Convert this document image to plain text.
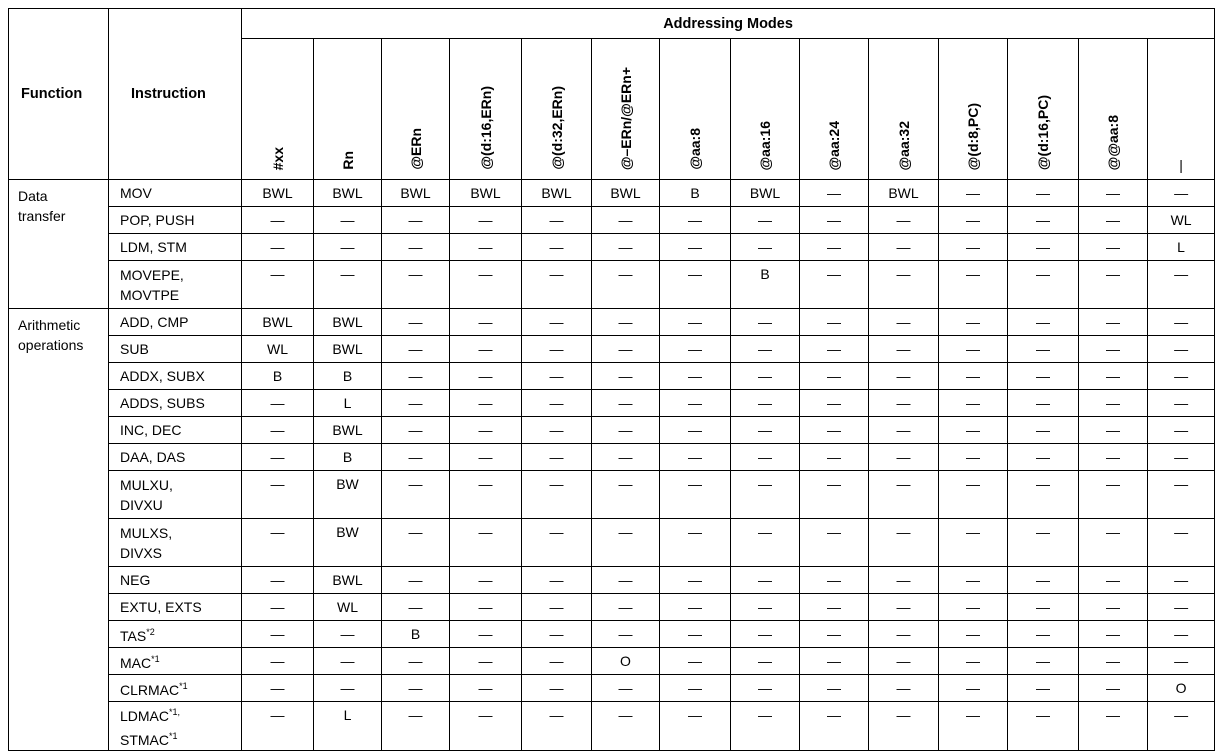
Function	Instruction	Addressing Modes													
		#xx	Rn	@ERn	@(d:16,ERn)	@(d:32,ERn)	@–ERn/@ERn+	@aa:8	@aa:16	@aa:24	@aa:32	@(d:8,PC)	@(d:16,PC)	@@aa:8	|

Data
transfer	MOV	BWL	BWL	BWL	BWL	BWL	BWL	B	BWL	—	BWL	—	—	—	—

	POP, PUSH	—	—	—	—	—	—	—	—	—	—	—	—	—	WL

	LDM, STM	—	—	—	—	—	—	—	—	—	—	—	—	—	L

	MOVEPE,
MOVTPE	—	—	—	—	—	—	—	B	—	—	—	—	—	—

Arithmetic
operations	ADD, CMP	BWL	BWL	—	—	—	—	—	—	—	—	—	—	—	—

	SUB	WL	BWL	—	—	—	—	—	—	—	—	—	—	—	—

	ADDX, SUBX	B	B	—	—	—	—	—	—	—	—	—	—	—	—

	ADDS, SUBS	—	L	—	—	—	—	—	—	—	—	—	—	—	—

	INC, DEC	—	BWL	—	—	—	—	—	—	—	—	—	—	—	—

	DAA, DAS	—	B	—	—	—	—	—	—	—	—	—	—	—	—

	MULXU,
DIVXU	—	BW	—	—	—	—	—	—	—	—	—	—	—	—

	MULXS,
DIVXS	—	BW	—	—	—	—	—	—	—	—	—	—	—	—

	NEG	—	BWL	—	—	—	—	—	—	—	—	—	—	—	—

	EXTU, EXTS	—	WL	—	—	—	—	—	—	—	—	—	—	—	—

	TAS$^{*2}$	—	—	B	—	—	—	—	—	—	—	—	—	—	—

	MAC$^{*1}$	—	—	—	—	—	O	—	—	—	—	—	—	—	—

	CLRMAC$^{*1}$	—	—	—	—	—	—	—	—	—	—	—	—	—	O

	$LDMAC^{*1,}$
STMAC$^{*1}$	—	L	—	—	—	—	—	—	—	—	—	—	—	—
